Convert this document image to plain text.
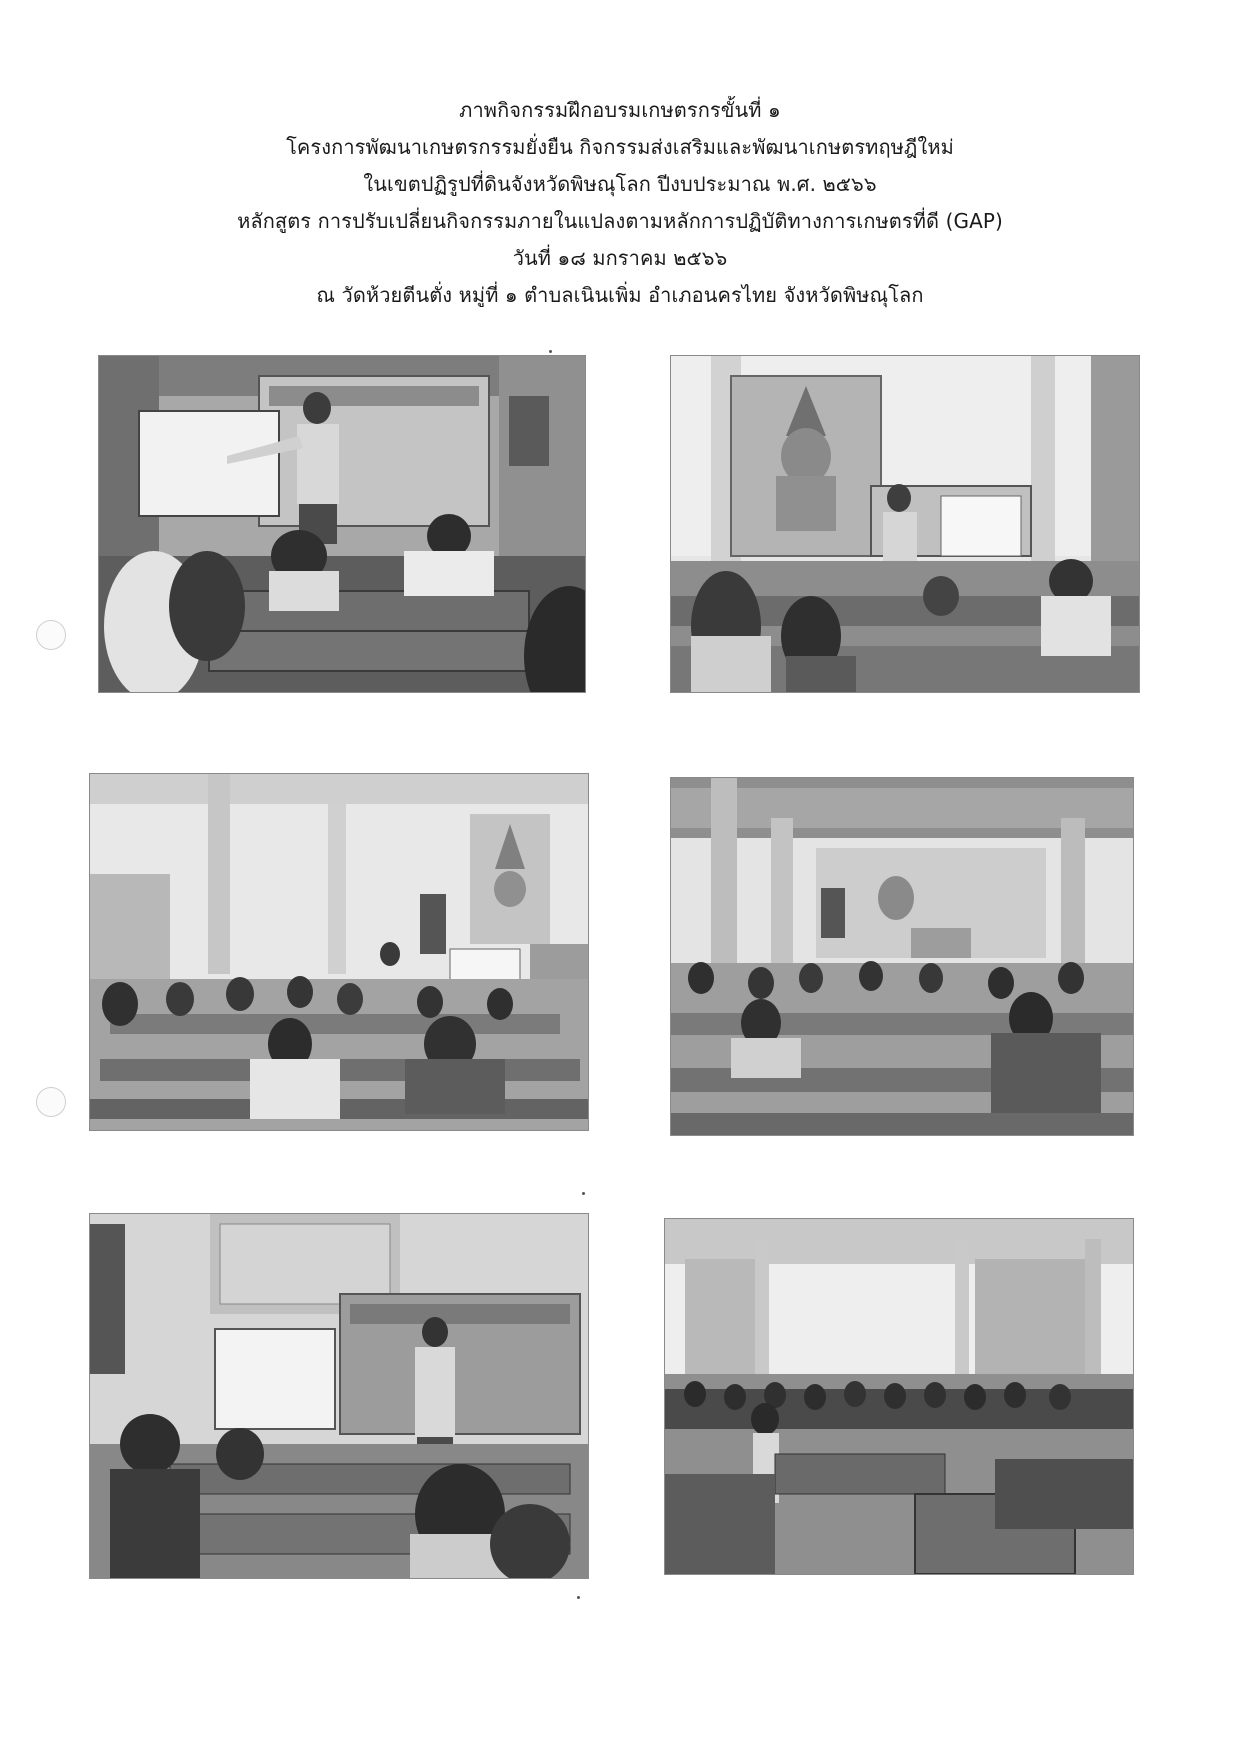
ภาพกิจกรรมฝึกอบรมเกษตรกรขั้นที่ ๑
โครงการพัฒนาเกษตรกรรมยั่งยืน กิจกรรมส่งเสริมและพัฒนาเกษตรทฤษฎีใหม่
ในเขตปฏิรูปที่ดินจังหวัดพิษณุโลก ปีงบประมาณ พ.ศ. ๒๕๖๖
หลักสูตร การปรับเปลี่ยนกิจกรรมภายในแปลงตามหลักการปฏิบัติทางการเกษตรที่ดี (GAP)
วันที่ ๑๘ มกราคม ๒๕๖๖
ณ วัดห้วยตีนตั่ง หมู่ที่ ๑ ตำบลเนินเพิ่ม อำเภอนครไทย จังหวัดพิษณุโลก
